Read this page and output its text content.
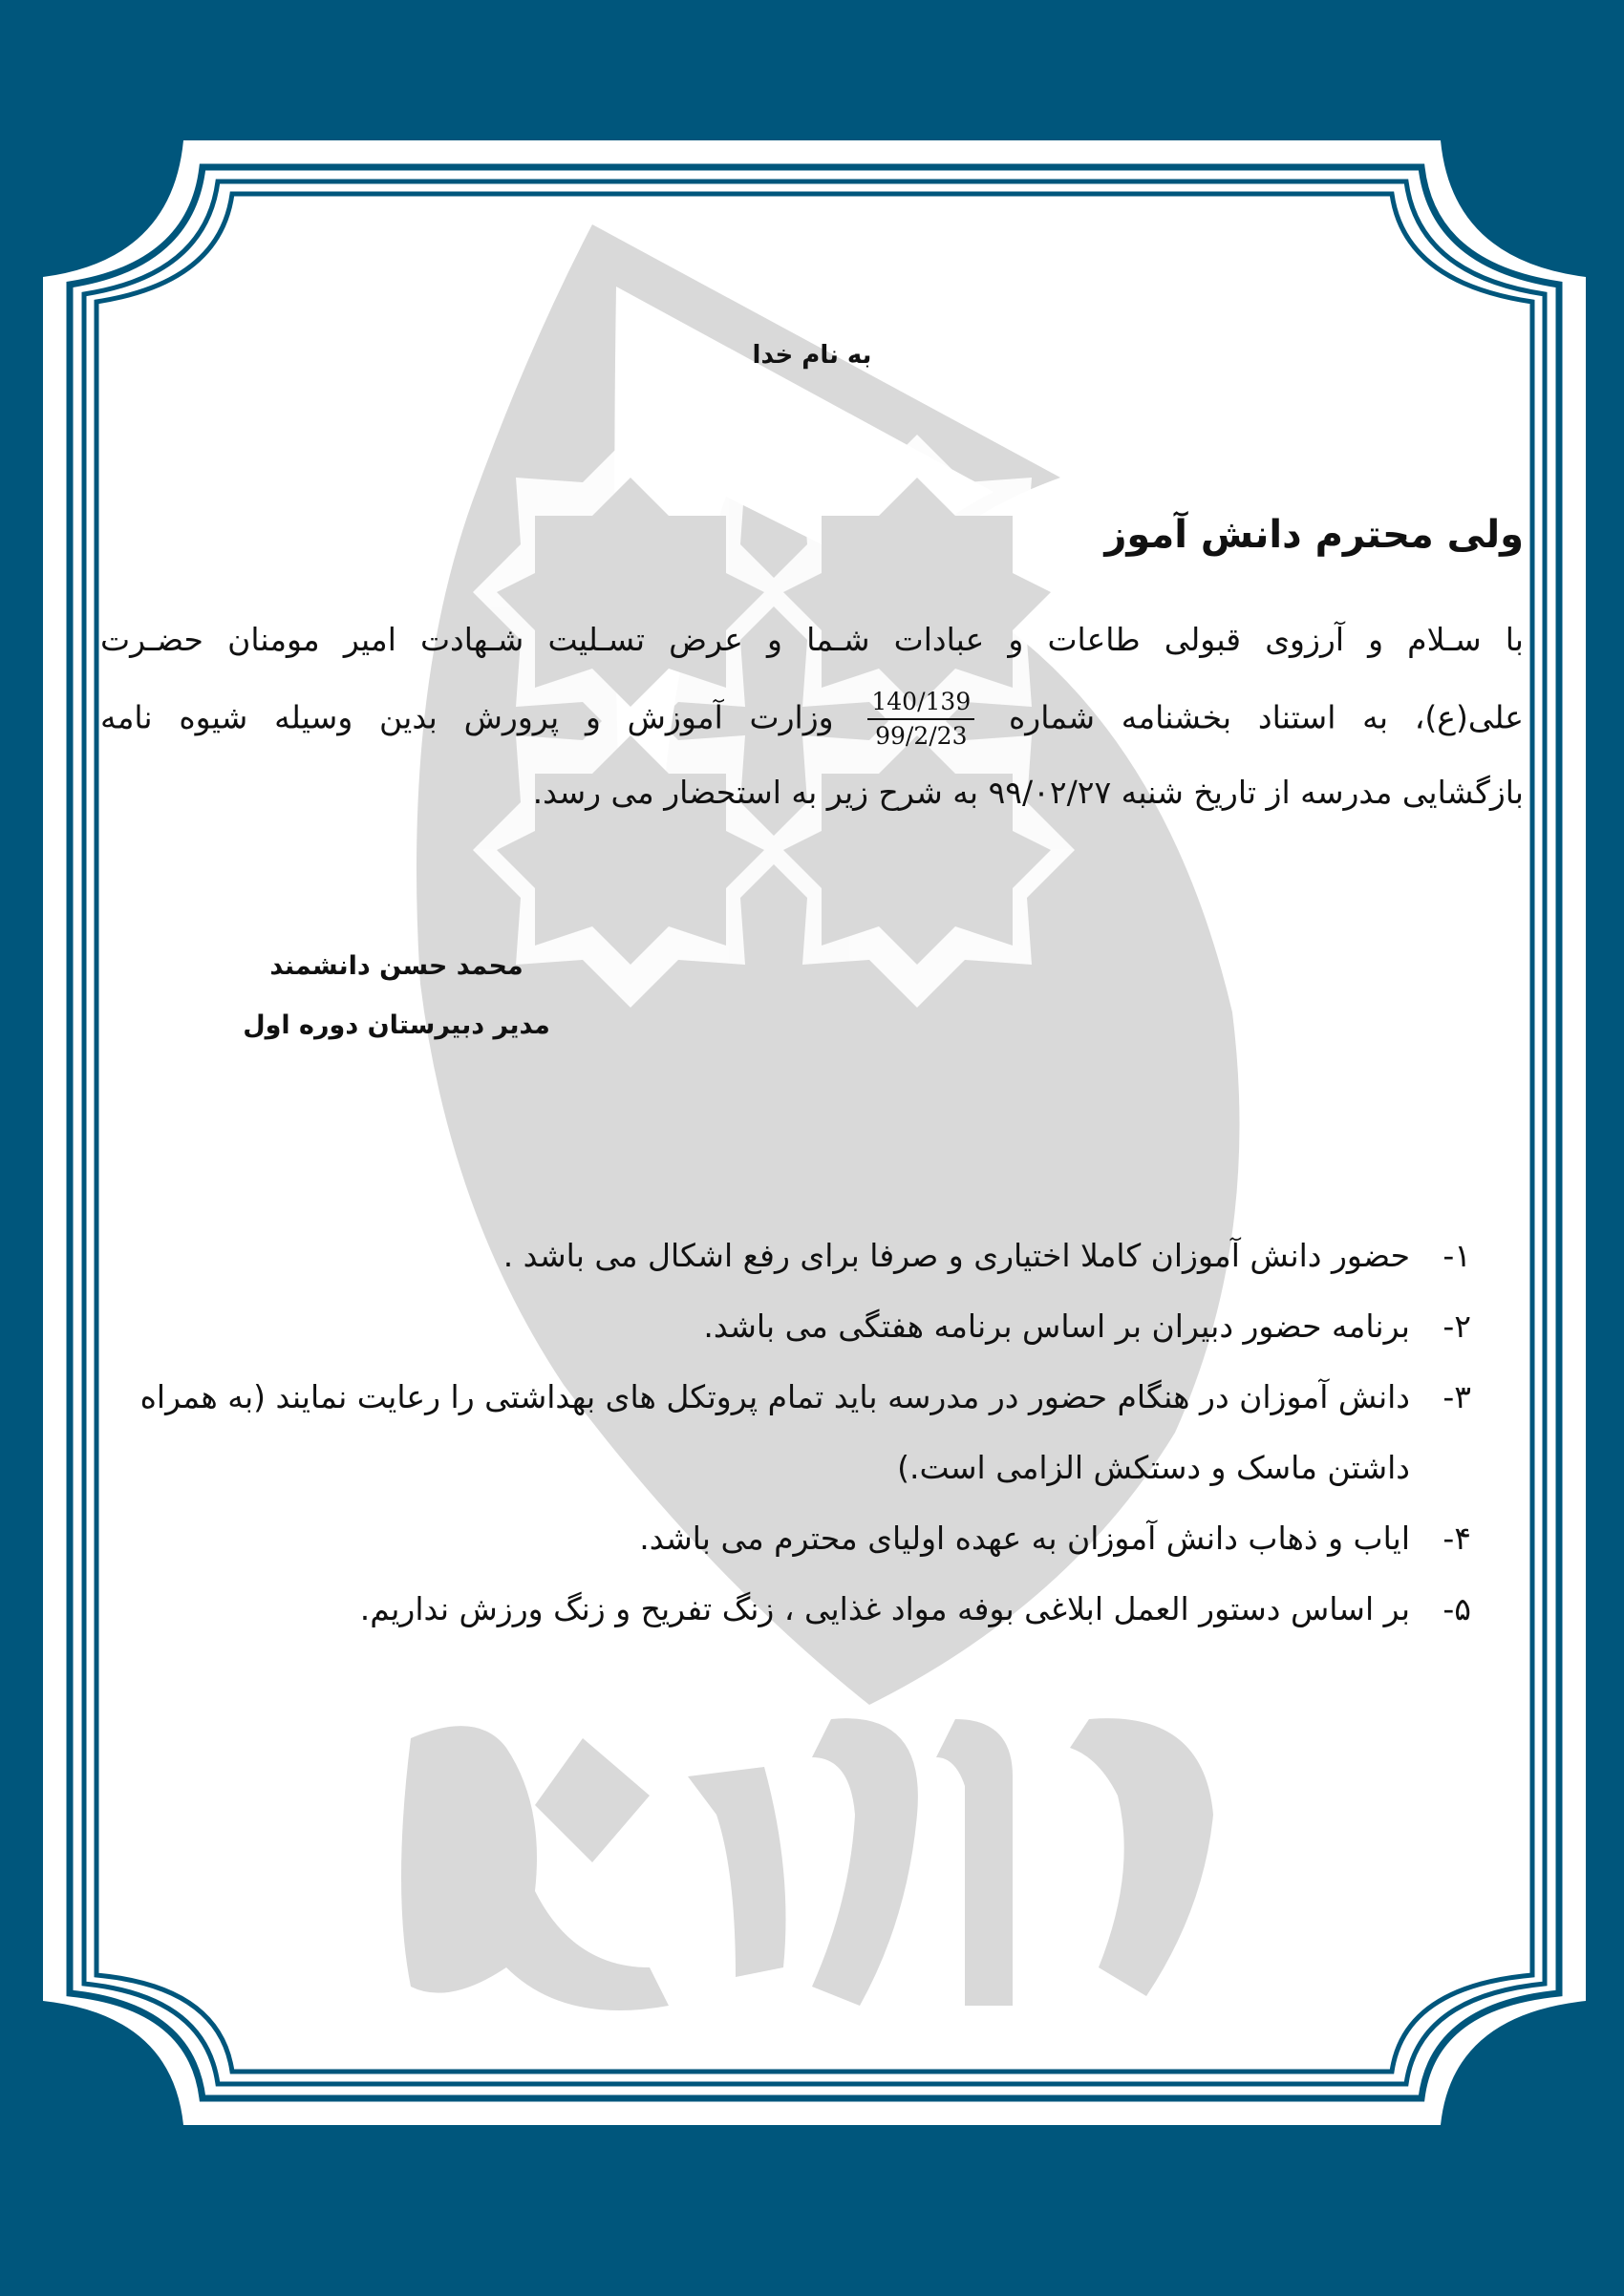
به نام خدا
ولی محترم دانش آموز
با سـلام و آرزوی قبولی طاعات و عبادات شـما و عرض تسـلیت شـهادت امیر مومنان حضـرت
علی(ع)، به استناد بخشنامه شماره
$\frac{140/139}{99/2/23}$
وزارت آموزش و پرورش بدین وسیله شیوه نامه
بازگشایی مدرسه از تاریخ شنبه ۹۹/۰۲/۲۷ به شرح زیر به استحضار می رسد.
محمد حسن دانشمند
مدیر دبیرستان دوره اول
۱-
حضور دانش آموزان کاملا اختیاری و صرفا برای رفع اشکال می باشد .
۲-
برنامه حضور دبیران بر اساس برنامه هفتگی می باشد.
۳-
دانش آموزان در هنگام حضور در مدرسه باید تمام پروتکل های بهداشتی را رعایت نمایند (به همراه داشتن ماسک و دستکش الزامی است.)
۴-
ایاب و ذهاب دانش آموزان به عهده اولیای محترم می باشد.
۵-
بر اساس دستور العمل ابلاغی بوفه مواد غذایی ، زنگ تفریح و زنگ ورزش نداریم.
